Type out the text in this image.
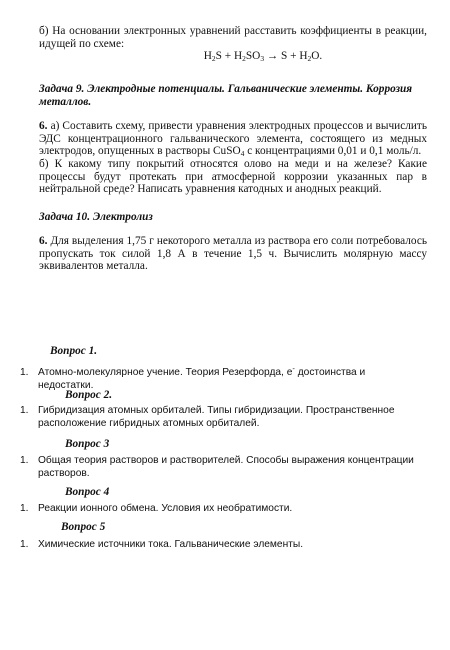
б) На основании электронных уравнений расставить коэффициенты в реакции, идущей по схеме:
$H_2S + H_2SO_3 \to S + H_2O$.
Задача 9. Электродные потенциалы. Гальванические элементы. Коррозия металлов.
6. а) Составить схему, привести уравнения электродных процессов и вычислить ЭДС концентрационного гальванического элемента, состоящего из медных электродов, опущенных в растворы CuSO$_4$ с концентрациями 0,01 и 0,1 моль/л.
б) К какому типу покрытий относятся олово на меди и на железе? Какие процессы будут протекать при атмосферной коррозии указанных пар в нейтральной среде? Написать уравнения катодных и анодных реакций.
Задача 10. Электролиз
6. Для выделения 1,75 г некоторого металла из раствора его соли потребовалось пропускать ток силой 1,8 А в течение 1,5 ч. Вычислить молярную массу эквивалентов металла.
Вопрос 1.
1. Атомно-молекулярное учение. Теория Резерфорда, е- достоинства и недостатки.
Вопрос 2.
1. Гибридизация атомных орбиталей. Типы гибридизации. Пространственное расположение гибридных атомных орбиталей.
Вопрос 3
1. Общая теория растворов и растворителей. Способы выражения концентрации растворов.
Вопрос 4
1. Реакции ионного обмена. Условия их необратимости.
Вопрос 5
1. Химические источники тока. Гальванические элементы.
